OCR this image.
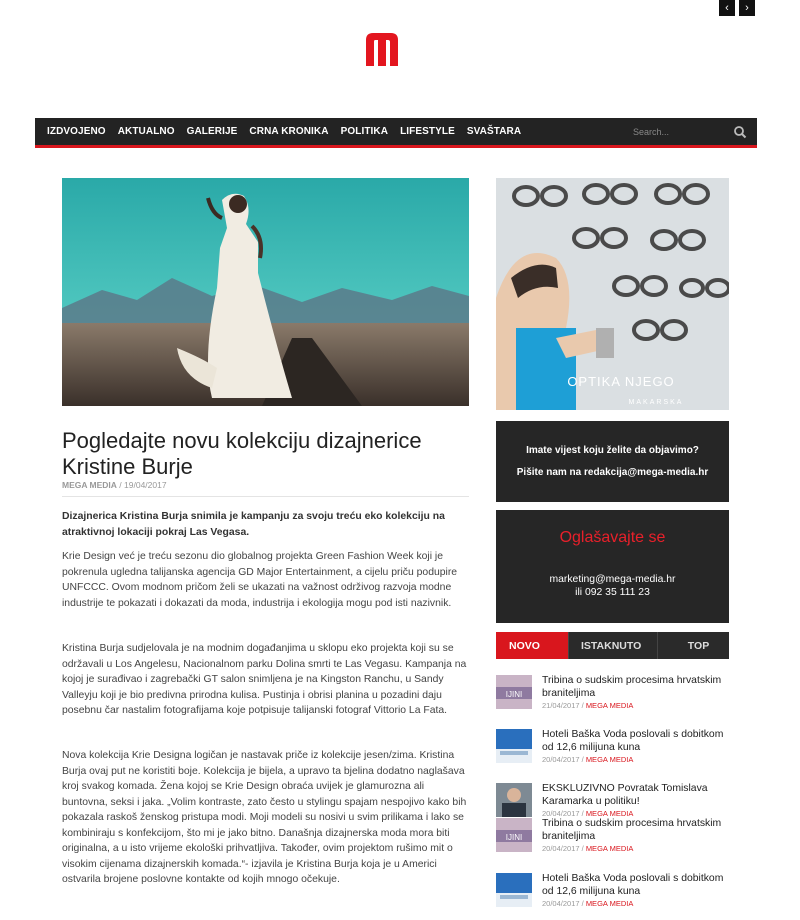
‹	›
IZDVOJENO	AKTUALNO	GALERIJE	CRNA KRONIKA	POLITIKA	LIFESTYLE	SVAŠTARA
Search...
Pogledajte novu kolekciju dizajnerice Kristine Burje
MEGA MEDIA / 19/04/2017

Dizajnerica Kristina Burja snimila je kampanju za svoju treću eko kolekciju na atraktivnoj lokaciji pokraj Las Vegasa.

Krie Design već je treću sezonu dio globalnog projekta Green Fashion Week koji je pokrenula ugledna talijanska agencija GD Major Entertainment, a cijelu priču podupire UNFCCC. Ovom modnom pričom želi se ukazati na važnost održivog razvoja modne industrije te pokazati i dokazati da moda, industrija i ekologija mogu pod isti nazivnik.

Kristina Burja sudjelovala je na modnim događanjima u sklopu eko projekta koji su se održavali u Los Angelesu, Nacionalnom parku Dolina smrti te Las Vegasu. Kampanja na kojoj je surađivao i zagrebački GT salon snimljena je na Kingston Ranchu, u Sandy Valleyju koji je bio predivna prirodna kulisa. Pustinja i obrisi planina u pozadini daju posebnu čar nastalim fotografijama koje potpisuje talijanski fotograf Vittorio La Fata.

Nova kolekcija Krie Designa logičan je nastavak priče iz kolekcije jesen/zima. Kristina Burja ovaj put ne koristiti boje. Kolekcija je bijela, a upravo ta bjelina dodatno naglašava kroj svakog komada. Žena kojoj se Krie Design obraća uvijek je glamurozna ali buntovna, seksi i jaka. „Volim kontraste, zato često u stylingu spajam nespojivo kako bih pokazala raskoš ženskog pristupa modi. Moji modeli su nosivi u svim prilikama i lako se kombiniraju s konfekcijom, što mi je jako bitno. Današnja dizajnerska moda mora biti originalna, a u isto vrijeme ekološki prihvatljiva. Također, ovim projektom rušimo mit o visokim cijenama dizajnerskih komada.“- izjavila je Kristina Burja koja je u Americi ostvarila brojene poslovne kontakte od kojih mnogo očekuje.

OPTIKA NJEGO
MAKARSKA
Imate vijest koju želite da objavimo?
Pišite nam na redakcija@mega-media.hr
Oglašavajte se
marketing@mega-media.hr
ili 092 35 111 23
NOVO	ISTAKNUTO	TOP
IJINI
Tribina o sudskim procesima hrvatskim braniteljima
21/04/2017 / MEGA MEDIA
Hoteli Baška Voda poslovali s dobitkom od 12,6 milijuna kuna
20/04/2017 / MEGA MEDIA
EKSKLUZIVNO Povratak Tomislava Karamarka u politiku!
20/04/2017 / MEGA MEDIA
IJINI
Tribina o sudskim procesima hrvatskim braniteljima
20/04/2017 / MEGA MEDIA
Hoteli Baška Voda poslovali s dobitkom od 12,6 milijuna kuna
20/04/2017 / MEGA MEDIA
